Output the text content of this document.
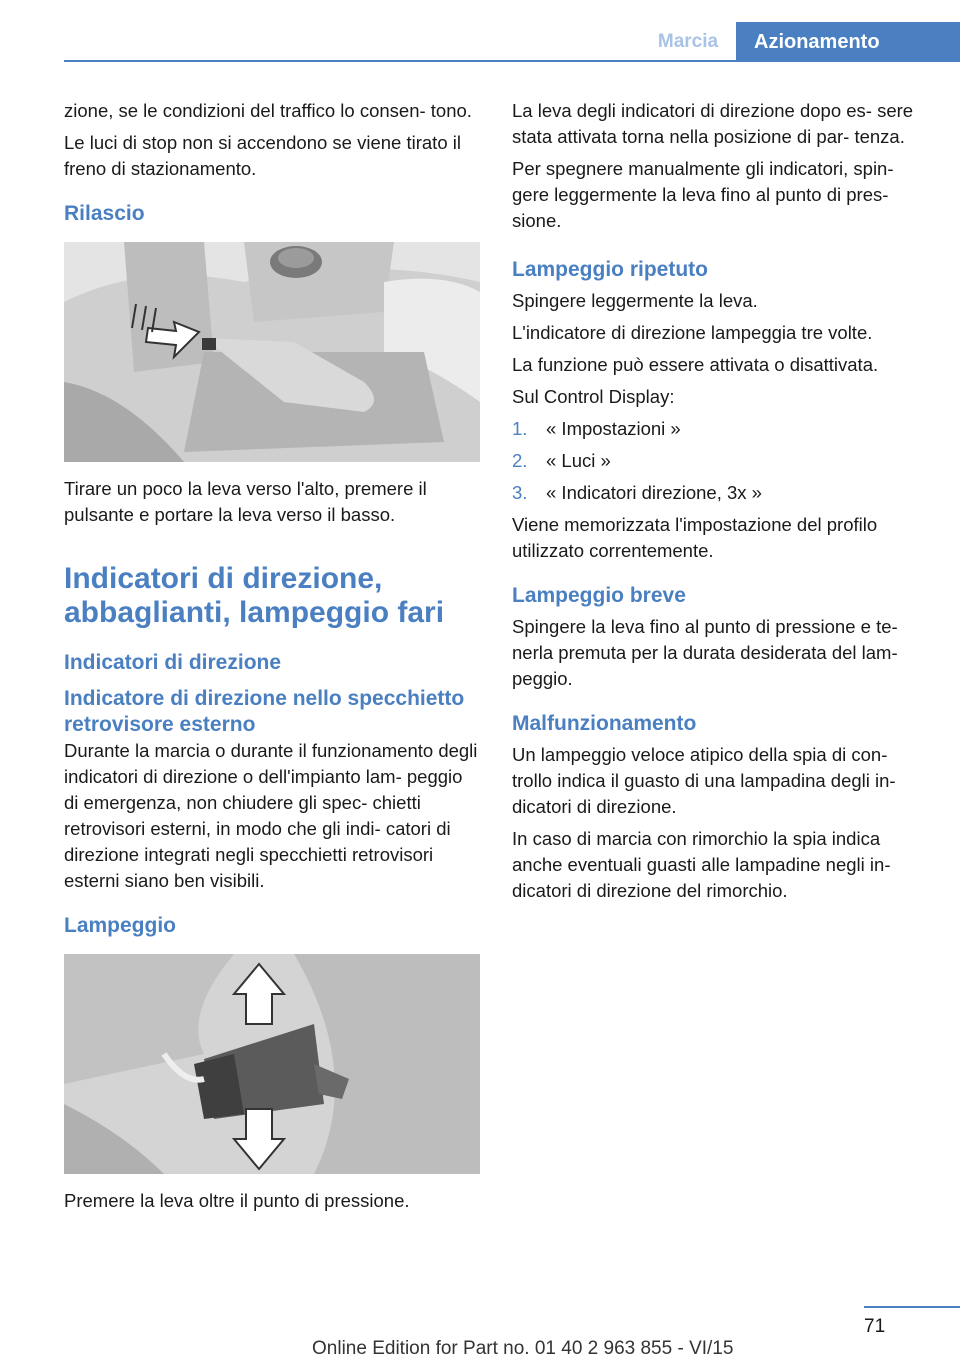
Marcia	Azionamento

zione, se le condizioni del traffico lo consen‐ tono.

Le luci di stop non si accendono se viene tirato il freno di stazionamento.

Rilascio

Tirare un poco la leva verso l'alto, premere il pulsante e portare la leva verso il basso.

Indicatori di direzione, abbaglianti, lampeggio fari
Indicatori di direzione
Indicatore di direzione nello specchietto retrovisore esterno

Durante la marcia o durante il funzionamento degli indicatori di direzione o dell'impianto lam‐ peggio di emergenza, non chiudere gli spec‐ chietti retrovisori esterni, in modo che gli indi‐ catori di direzione integrati negli specchietti retrovisori esterni siano ben visibili.

Lampeggio

Premere la leva oltre il punto di pressione.

La leva degli indicatori di direzione dopo es‐ sere stata attivata torna nella posizione di par‐ tenza.

Per spegnere manualmente gli indicatori, spin‐ gere leggermente la leva fino al punto di pres‐ sione.

Lampeggio ripetuto

Spingere leggermente la leva.

L'indicatore di direzione lampeggia tre volte.

La funzione può essere attivata o disattivata.

Sul Control Display:

1.	« Impostazioni »
2.	« Luci »
3.	« Indicatori direzione, 3x »

Viene memorizzata l'impostazione del profilo utilizzato correntemente.

Lampeggio breve

Spingere la leva fino al punto di pressione e te‐ nerla premuta per la durata desiderata del lam‐ peggio.

Malfunzionamento

Un lampeggio veloce atipico della spia di con‐ trollo indica il guasto di una lampadina degli in‐ dicatori di direzione.

In caso di marcia con rimorchio la spia indica anche eventuali guasti alle lampadine negli in‐ dicatori di direzione del rimorchio.

71
Online Edition for Part no. 01 40 2 963 855 - VI/15
